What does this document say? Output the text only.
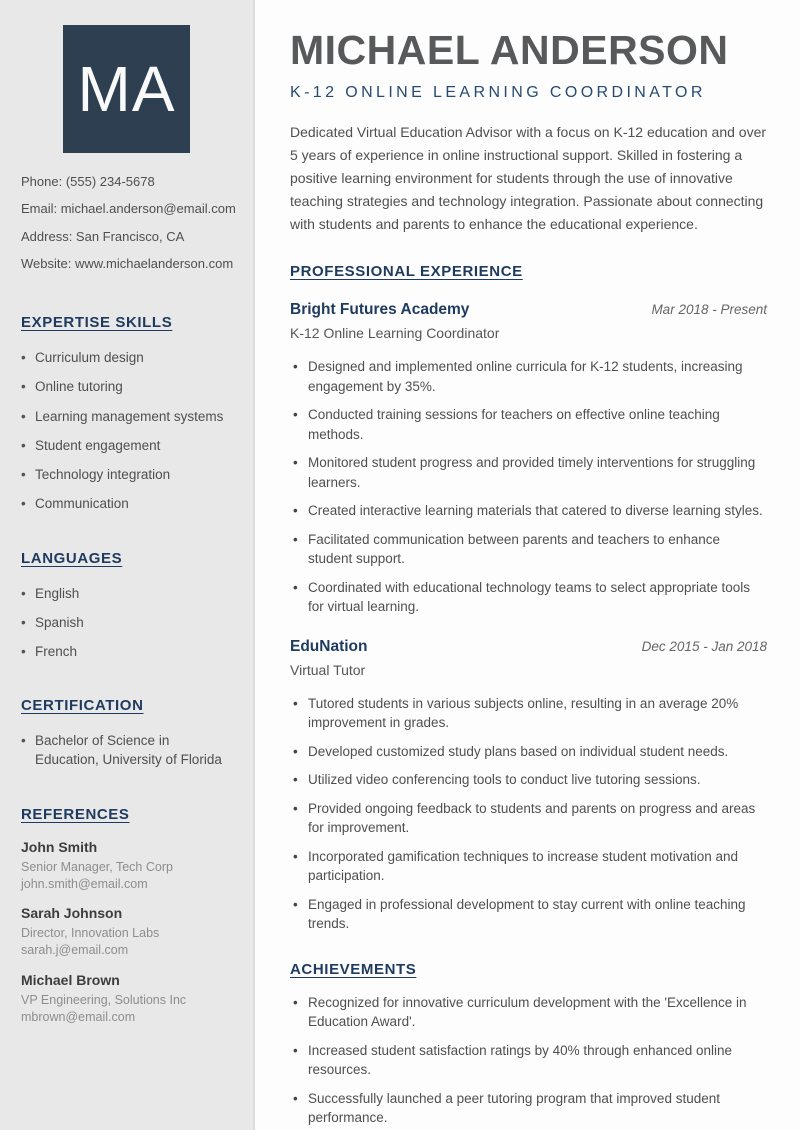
MA
Phone: (555) 234-5678
Email: michael.anderson@email.com
Address: San Francisco, CA
Website: www.michaelanderson.com
EXPERTISE SKILLS
• Curriculum design
• Online tutoring
• Learning management systems
• Student engagement
• Technology integration
• Communication
LANGUAGES
• English
• Spanish
• French
CERTIFICATION
• Bachelor of Science in Education, University of Florida
REFERENCES
John Smith
Senior Manager, Tech Corp
john.smith@email.com
Sarah Johnson
Director, Innovation Labs
sarah.j@email.com
Michael Brown
VP Engineering, Solutions Inc
mbrown@email.com
MICHAEL ANDERSON
K-12 ONLINE LEARNING COORDINATOR

Dedicated Virtual Education Advisor with a focus on K-12 education and over 5 years of experience in online instructional support. Skilled in fostering a positive learning environment for students through the use of innovative teaching strategies and technology integration. Passionate about connecting with students and parents to enhance the educational experience.

PROFESSIONAL EXPERIENCE
Bright Futures Academy	Mar 2018 - Present
K-12 Online Learning Coordinator
• Designed and implemented online curricula for K-12 students, increasing engagement by 35%.
• Conducted training sessions for teachers on effective online teaching methods.
• Monitored student progress and provided timely interventions for struggling learners.
• Created interactive learning materials that catered to diverse learning styles.
• Facilitated communication between parents and teachers to enhance student support.
• Coordinated with educational technology teams to select appropriate tools for virtual learning.
EduNation	Dec 2015 - Jan 2018
Virtual Tutor
• Tutored students in various subjects online, resulting in an average 20% improvement in grades.
• Developed customized study plans based on individual student needs.
• Utilized video conferencing tools to conduct live tutoring sessions.
• Provided ongoing feedback to students and parents on progress and areas for improvement.
• Incorporated gamification techniques to increase student motivation and participation.
• Engaged in professional development to stay current with online teaching trends.
ACHIEVEMENTS
• Recognized for innovative curriculum development with the 'Excellence in Education Award'.
• Increased student satisfaction ratings by 40% through enhanced online resources.
• Successfully launched a peer tutoring program that improved student performance.
